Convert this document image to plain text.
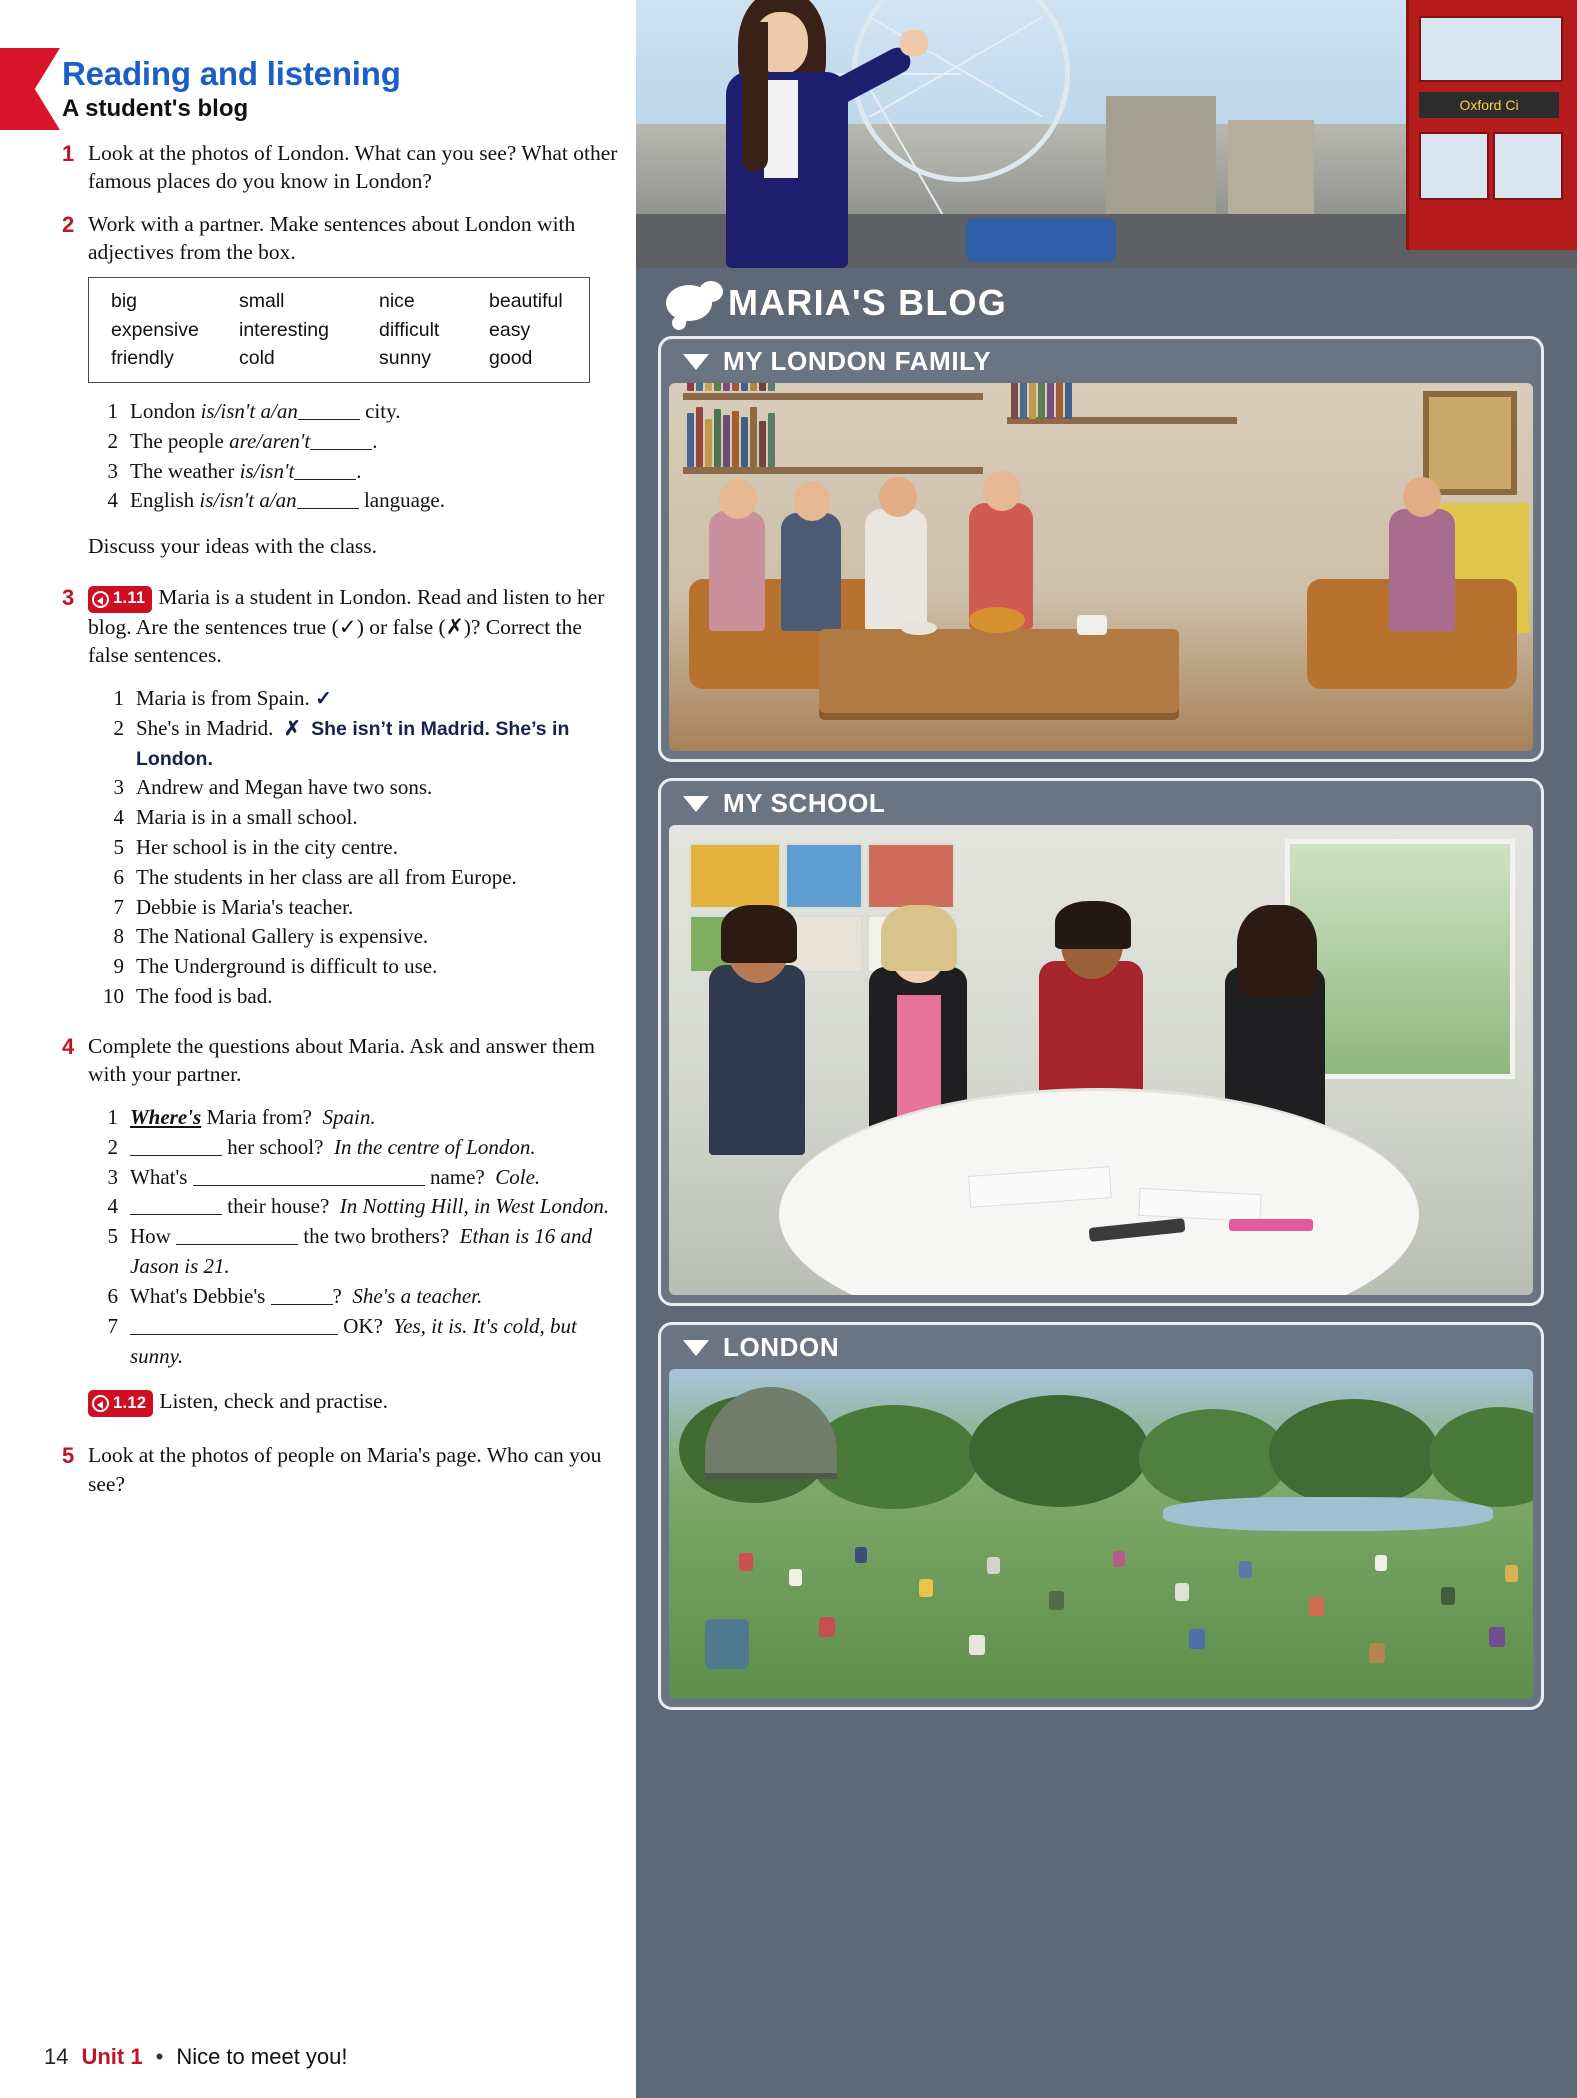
Reading and listening
A student's blog
1 Look at the photos of London. What can you see? What other famous places do you know in London?
2 Work with a partner. Make sentences about London with adjectives from the box.
big	small	nice	beautiful
expensive	interesting	difficult	easy
friendly	cold	sunny	good
1 London is/isn't a/an	city.
2 The people are/aren't	.
3 The weather is/isn't	.
4 English is/isn't a/an	language.

Discuss your ideas with the class.

3	1.11 Maria is a student in London. Read and listen to her blog. Are the sentences true (✓) or false (✗)? Correct the false sentences.
1 Maria is from Spain. ✓
2 She's in Madrid. ✗ She isn’t in Madrid. She’s in London.
3 Andrew and Megan have two sons.
4 Maria is in a small school.
5 Her school is in the city centre.
6 The students in her class are all from Europe.
7 Debbie is Maria's teacher.
8 The National Gallery is expensive.
9 The Underground is difficult to use.
10 The food is bad.
4 Complete the questions about Maria. Ask and answer them with your partner.
1 Where's Maria from? Spain.
2	her school? In the centre of London.
3 What's	name? Cole.
4	their house? In Notting Hill, in West London.
5 How	the two brothers? Ethan is 16 and Jason is 21.
6 What's Debbie's	? She's a teacher.
7	OK? Yes, it is. It's cold, but sunny.
1.12 Listen, check and practise.
5 Look at the photos of people on Maria's page. Who can you see?
14 Unit 1 • Nice to meet you!
Oxford Ci
MARIA'S BLOG
MY LONDON FAMILY
MY SCHOOL
LONDON
